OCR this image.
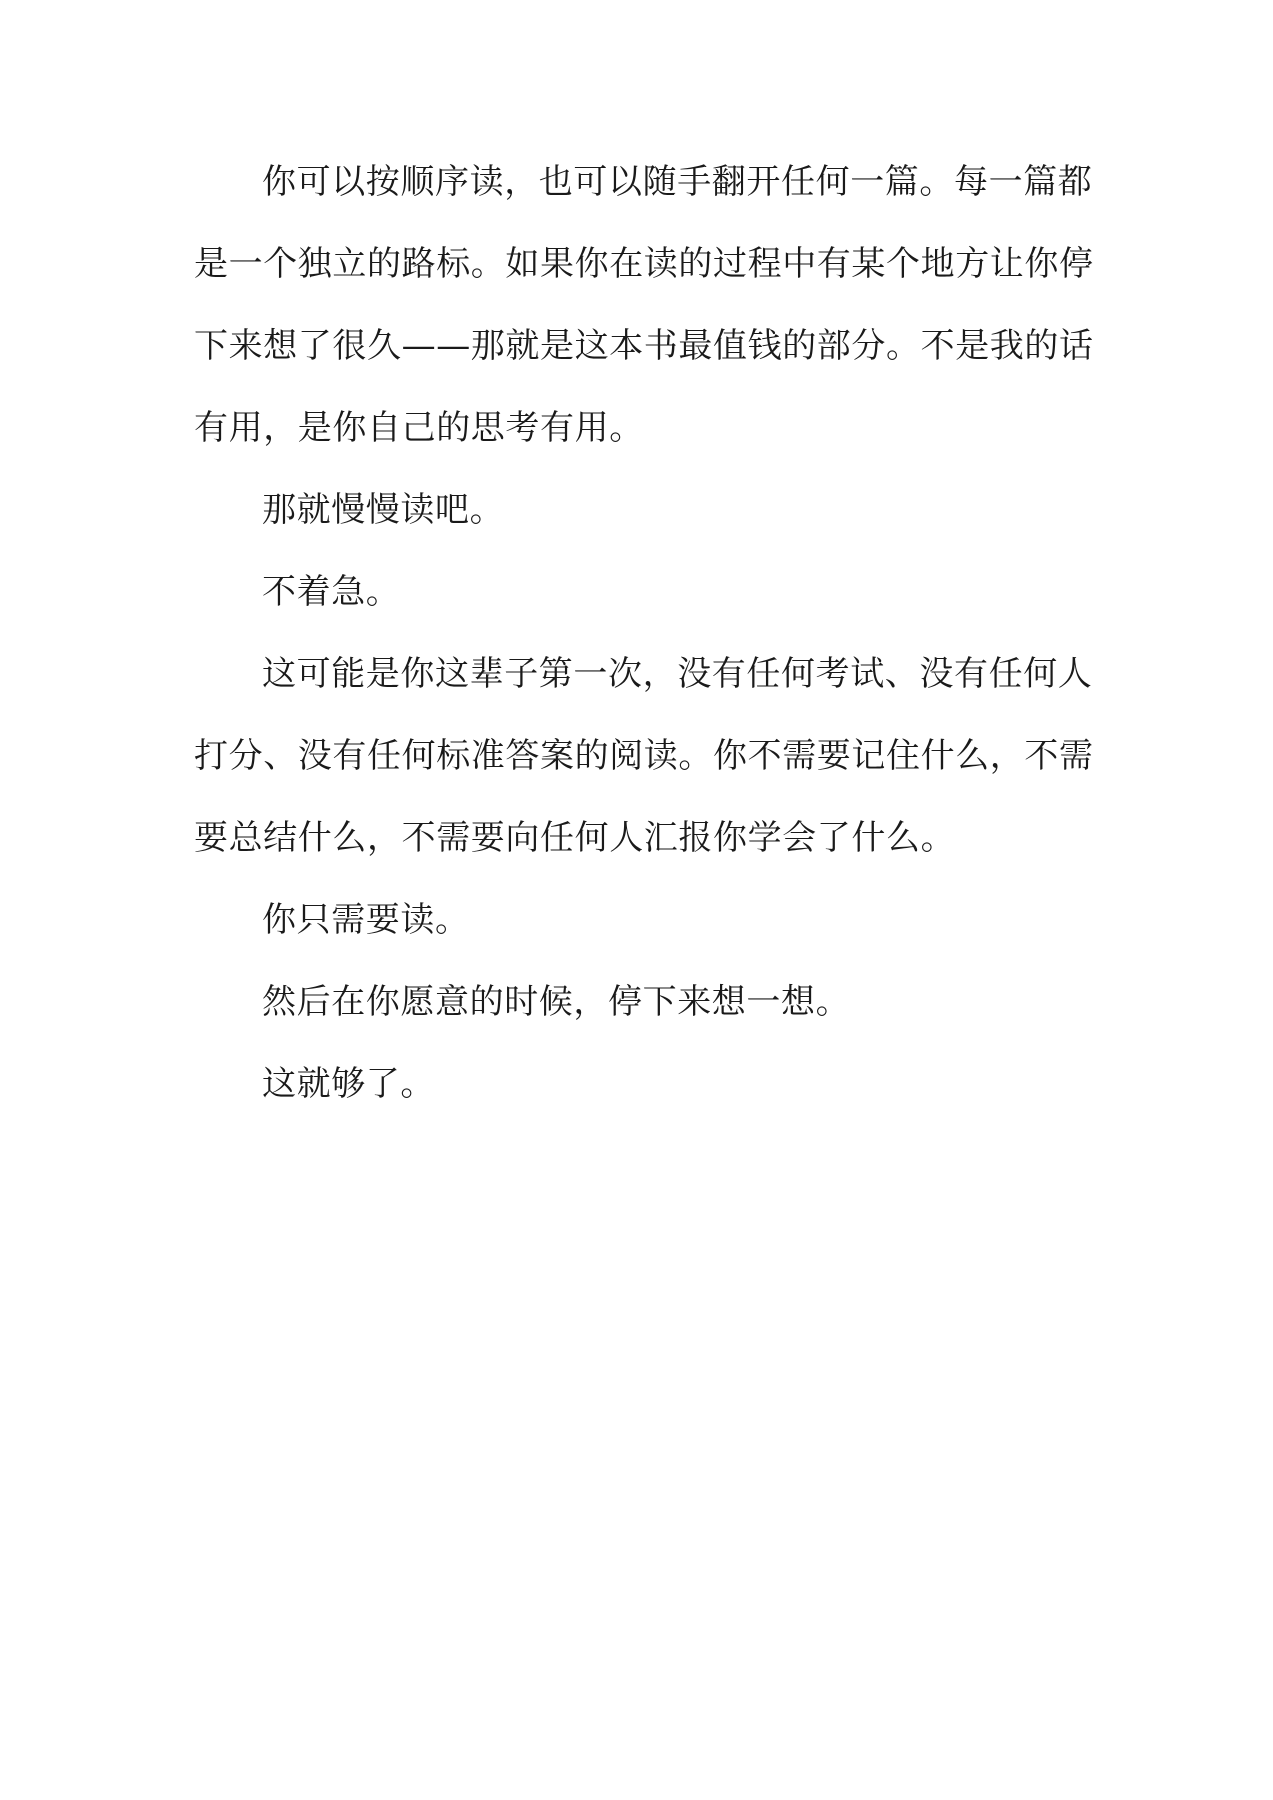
你可以按顺序读，也可以随手翻开任何一篇。每一篇都
是一个独立的路标。如果你在读的过程中有某个地方让你停
下来想了很久——那就是这本书最值钱的部分。不是我的话
有用，是你自己的思考有用。
那就慢慢读吧。
不着急。
这可能是你这辈子第一次，没有任何考试、没有任何人
打分、没有任何标准答案的阅读。你不需要记住什么，不需
要总结什么，不需要向任何人汇报你学会了什么。
你只需要读。
然后在你愿意的时候，停下来想一想。
这就够了。
